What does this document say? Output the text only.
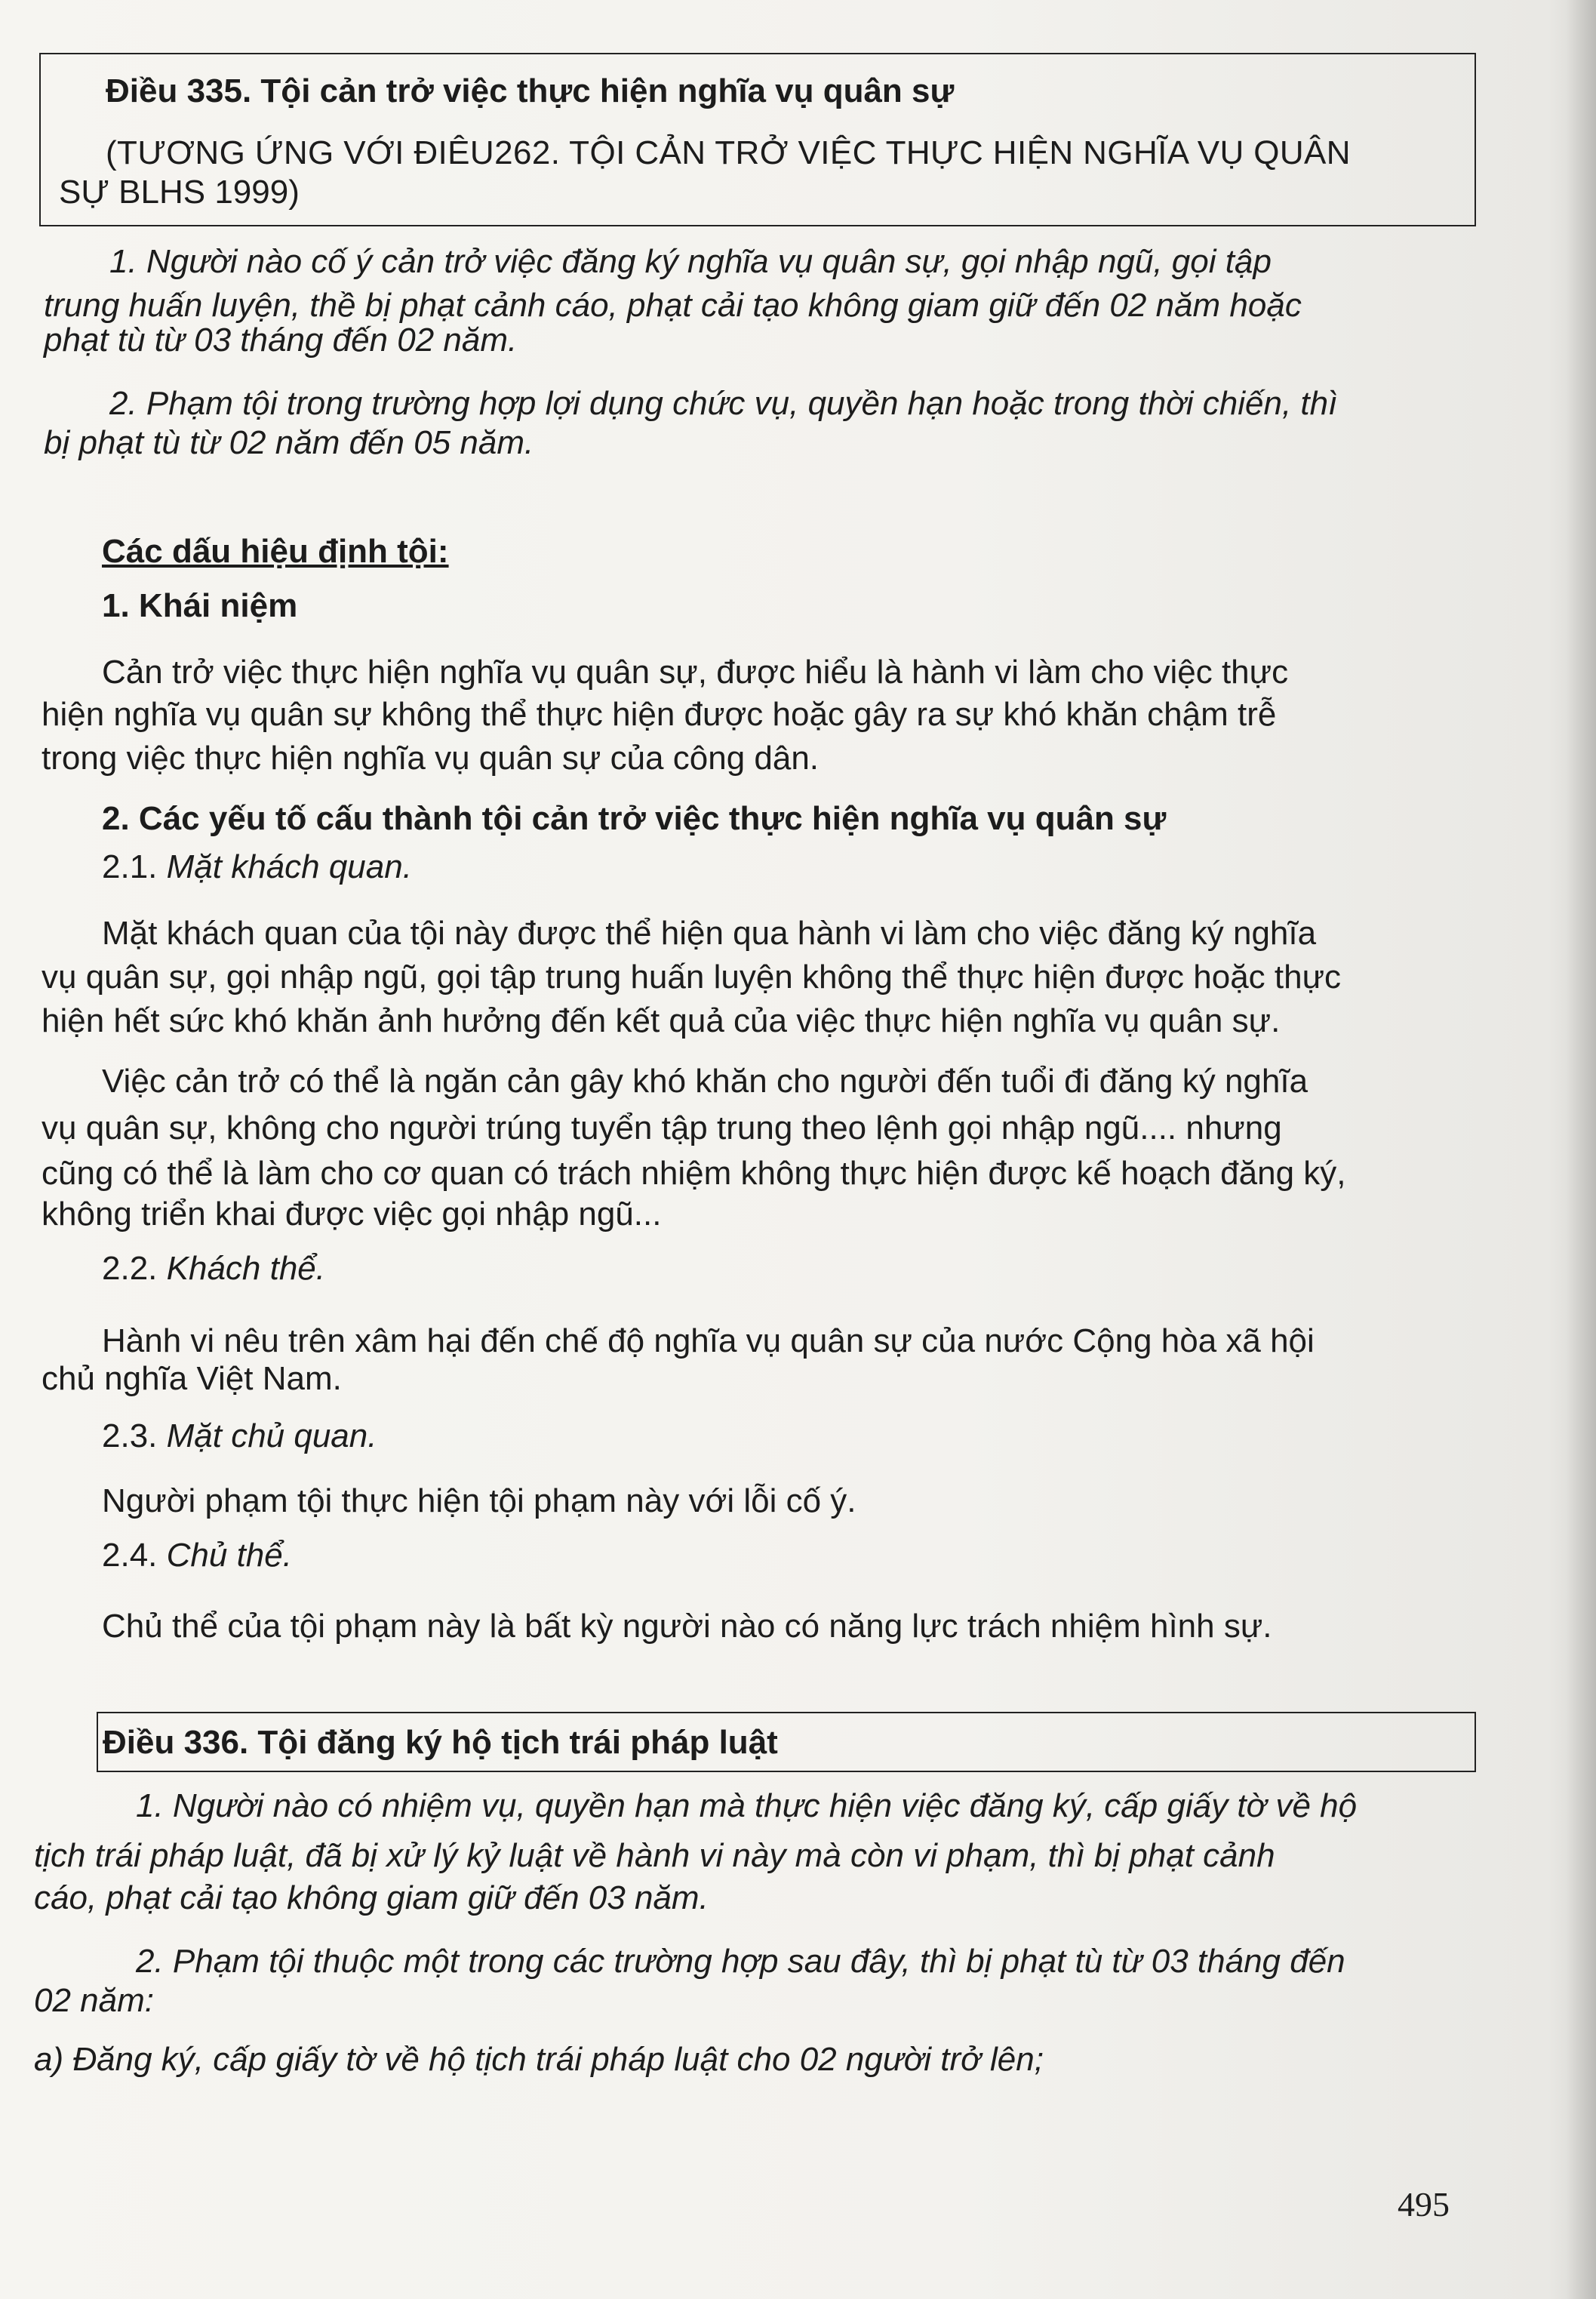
Điều 335. Tội cản trở việc thực hiện nghĩa vụ quân sự
(TƯƠNG ỨNG VỚI ĐIÊU262. TỘI CẢN TRỞ VIỆC THỰC HIỆN NGHĨA VỤ QUÂN
SỰ BLHS 1999)
1. Người nào cố ý cản trở việc đăng ký nghĩa vụ quân sự, gọi nhập ngũ, gọi tập
trung huấn luyện, thề bị phạt cảnh cáo, phạt cải tạo không giam giữ đến 02 năm hoặc
phạt tù từ 03 tháng đến 02 năm.
2. Phạm tội trong trường hợp lợi dụng chức vụ, quyền hạn hoặc trong thời chiến, thì
bị phạt tù từ 02 năm đến 05 năm.
Các dấu hiệu định tội:
1. Khái niệm
Cản trở việc thực hiện nghĩa vụ quân sự, được hiểu là hành vi làm cho việc thực
hiện nghĩa vụ quân sự không thể thực hiện được hoặc gây ra sự khó khăn chậm trễ
trong việc thực hiện nghĩa vụ quân sự của công dân.
2. Các yếu tố cấu thành tội cản trở việc thực hiện nghĩa vụ quân sự
2.1. Mặt khách quan.
Mặt khách quan của tội này được thể hiện qua hành vi làm cho việc đăng ký nghĩa
vụ quân sự, gọi nhập ngũ, gọi tập trung huấn luyện không thể thực hiện được hoặc thực
hiện hết sức khó khăn ảnh hưởng đến kết quả của việc thực hiện nghĩa vụ quân sự.
Việc cản trở có thể là ngăn cản gây khó khăn cho người đến tuổi đi đăng ký nghĩa
vụ quân sự, không cho người trúng tuyển tập trung theo lệnh gọi nhập ngũ.... nhưng
cũng có thể là làm cho cơ quan có trách nhiệm không thực hiện được kế hoạch đăng ký,
không triển khai được việc gọi nhập ngũ...
2.2. Khách thể.
Hành vi nêu trên xâm hại đến chế độ nghĩa vụ quân sự của nước Cộng hòa xã hội
chủ nghĩa Việt Nam.
2.3. Mặt chủ quan.
Người phạm tội thực hiện tội phạm này với lỗi cố ý.
2.4. Chủ thể.
Chủ thể của tội phạm này là bất kỳ người nào có năng lực trách nhiệm hình sự.
Điều 336. Tội đăng ký hộ tịch trái pháp luật
1. Người nào có nhiệm vụ, quyền hạn mà thực hiện việc đăng ký, cấp giấy tờ về hộ
tịch trái pháp luật, đã bị xử lý kỷ luật về hành vi này mà còn vi phạm, thì bị phạt cảnh
cáo, phạt cải tạo không giam giữ đến 03 năm.
2. Phạm tội thuộc một trong các trường hợp sau đây, thì bị phạt tù từ 03 tháng đến
02 năm:
a) Đăng ký, cấp giấy tờ về hộ tịch trái pháp luật cho 02 người trở lên;
495
